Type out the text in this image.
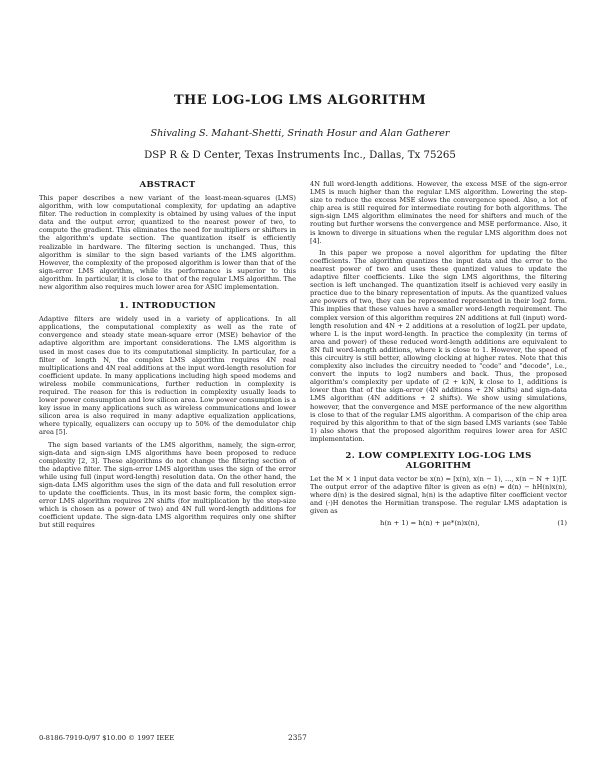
THE LOG-LOG LMS ALGORITHM
Shivaling S. Mahant-Shetti, Srinath Hosur and Alan Gatherer
DSP R & D Center, Texas Instruments Inc., Dallas, Tx 75265
ABSTRACT

This paper describes a new variant of the least-mean-squares (LMS) algorithm, with low computational complexity, for updating an adaptive filter. The reduction in complexity is obtained by using values of the input data and the output error, quantized to the nearest power of two, to compute the gradient. This eliminates the need for multipliers or shifters in the algorithm's update section. The quantization itself is efficiently realizable in hardware. The filtering section is unchanged. Thus, this algorithm is similar to the sign based variants of the LMS algorithm. However, the complexity of the proposed algorithm is lower than that of the sign-error LMS algorithm, while its performance is superior to this algorithm. In particular, it is close to that of the regular LMS algorithm. The new algorithm also requires much lower area for ASIC implementation.

1. INTRODUCTION

Adaptive filters are widely used in a variety of applications. In all applications, the computational complexity as well as the rate of convergence and steady state mean-square error (MSE) behavior of the adaptive algorithm are important considerations. The LMS algorithm is used in most cases due to its computational simplicity. In particular, for a filter of length N, the complex LMS algorithm requires 4N real multiplications and 4N real additions at the input word-length resolution for coefficient update. In many applications including high speed modems and wireless mobile communications, further reduction in complexity is required. The reason for this is reduction in complexity usually leads to lower power consumption and low silicon area. Low power consumption is a key issue in many applications such as wireless communications and lower silicon area is also required in many adaptive equalization applications, where typically, equalizers can occupy up to 50% of the demodulator chip area [5].

The sign based variants of the LMS algorithm, namely, the sign-error, sign-data and sign-sign LMS algorithms have been proposed to reduce complexity [2, 3]. These algorithms do not change the filtering section of the adaptive filter. The sign-error LMS algorithm uses the sign of the error while using full (input word-length) resolution data. On the other hand, the sign-data LMS algorithm uses the sign of the data and full resolution error to update the coefficients. Thus, in its most basic form, the complex sign-error LMS algorithm requires 2N shifts (for multiplication by the step-size which is chosen as a power of two) and 4N full word-length additions for coefficient update. The sign-data LMS algorithm requires only one shifter but still requires

4N full word-length additions. However, the excess MSE of the sign-error LMS is much higher than the regular LMS algorithm. Lowering the step-size to reduce the excess MSE slows the convergence speed. Also, a lot of chip area is still required for intermediate routing for both algorithms. The sign-sign LMS algorithm eliminates the need for shifters and much of the routing but further worsens the convergence and MSE performance. Also, it is known to diverge in situations when the regular LMS algorithm does not [4].

In this paper we propose a novel algorithm for updating the filter coefficients. The algorithm quantizes the input data and the error to the nearest power of two and uses these quantized values to update the adaptive filter coefficients. Like the sign LMS algorithms, the filtering section is left unchanged. The quantization itself is achieved very easily in practice due to the binary representation of inputs. As the quantized values are powers of two, they can be represented represented in their log2 form. This implies that these values have a smaller word-length requirement. The complex version of this algorithm requires 2N additions at full (input) word-length resolution and 4N + 2 additions at a resolution of log2L per update, where L is the input word-length. In practice the complexity (in terms of area and power) of these reduced word-length additions are equivalent to 8N full word-length additions, where k is close to 1. However, the speed of this circuitry is still better, allowing clocking at higher rates. Note that this complexity also includes the circuitry needed to "code" and "decode", i.e., convert the inputs to log2 numbers and back. Thus, the proposed algorithm's complexity per update of (2 + k)N, k close to 1, additions is lower than that of the sign-error (4N additions + 2N shifts) and sign-data LMS algorithm (4N additions + 2 shifts). We show using simulations, however, that the convergence and MSE performance of the new algorithm is close to that of the regular LMS algorithm. A comparison of the chip area required by this algorithm to that of the sign based LMS variants (see Table 1) also shows that the proposed algorithm requires lower area for ASIC implementation.

2. LOW COMPLEXITY LOG-LOG LMS
ALGORITHM

Let the M × 1 input data vector be x(n) = [x(n), x(n − 1), ..., x(n − N + 1)]T. The output error of the adaptive filter is given as e(n) = d(n) − hH(n)x(n), where d(n) is the desired signal, h(n) is the adaptive filter coefficient vector and (·)H denotes the Hermitian transpose. The regular LMS adaptation is given as

h(n + 1) = h(n) + μe*(n)x(n),	(1)
0-8186-7919-0/97 $10.00 © 1997 IEEE	2357
